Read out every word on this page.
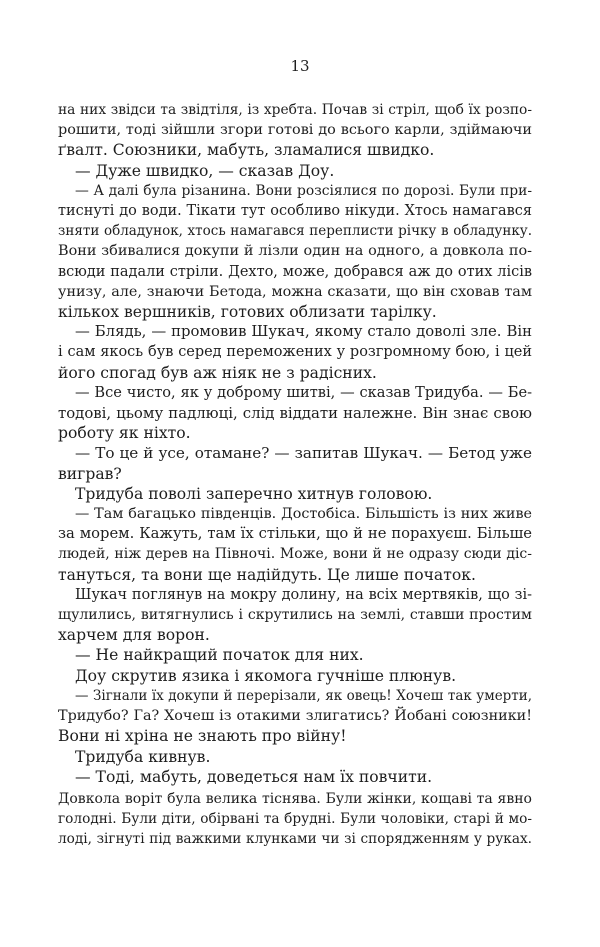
13
на них звідси та звідтіля, із хребта. Почав зі стріл, щоб їх розпо-
рошити, тоді зійшли згори готові до всього карли, здіймаючи
ґвалт. Союзники, мабуть, зламалися швидко.
— Дуже швидко, — сказав Доу.
— А далі була різанина. Вони розсіялися по дорозі. Були при-
тиснуті до води. Тікати тут особливо нікуди. Хтось намагався
зняти обладунок, хтось намагався переплисти річку в обладунку.
Вони збивалися докупи й лізли один на одного, а довкола по-
всюди падали стріли. Дехто, може, добрався аж до отих лісів
унизу, але, знаючи Бетода, можна сказати, що він сховав там
кількох вершників, готових облизати тарілку.
— Блядь, — промовив Шукач, якому стало доволі зле. Він
і сам якось був серед переможених у розгромному бою, і цей
його спогад був аж ніяк не з радісних.
— Все чисто, як у доброму шитві, — сказав Тридуба. — Бе-
тодові, цьому падлюці, слід віддати належне. Він знає свою
роботу як ніхто.
— То це й усе, отамане? — запитав Шукач. — Бетод уже
виграв?
Тридуба поволі заперечно хитнув головою.
— Там багацько південців. Достобіса. Більшість із них живе
за морем. Кажуть, там їх стільки, що й не порахуєш. Більше
людей, ніж дерев на Півночі. Може, вони й не одразу сюди діс-
тануться, та вони ще надійдуть. Це лише початок.
Шукач поглянув на мокру долину, на всіх мертвяків, що зі-
щулились, витягнулись і скрутились на землі, ставши простим
харчем для ворон.
— Не найкращий початок для них.
Доу скрутив язика і якомога гучніше плюнув.
— Зігнали їх докупи й перерізали, як овець! Хочеш так умерти,
Тридубо? Га? Хочеш із отакими злигатись? Йобані союзники!
Вони ні хріна не знають про війну!
Тридуба кивнув.
— Тоді, мабуть, доведеться нам їх повчити.
Довкола воріт була велика тіснява. Були жінки, кощаві та явно
голодні. Були діти, обірвані та брудні. Були чоловіки, старі й мо-
лоді, зігнуті під важкими клунками чи зі спорядженням у руках.
